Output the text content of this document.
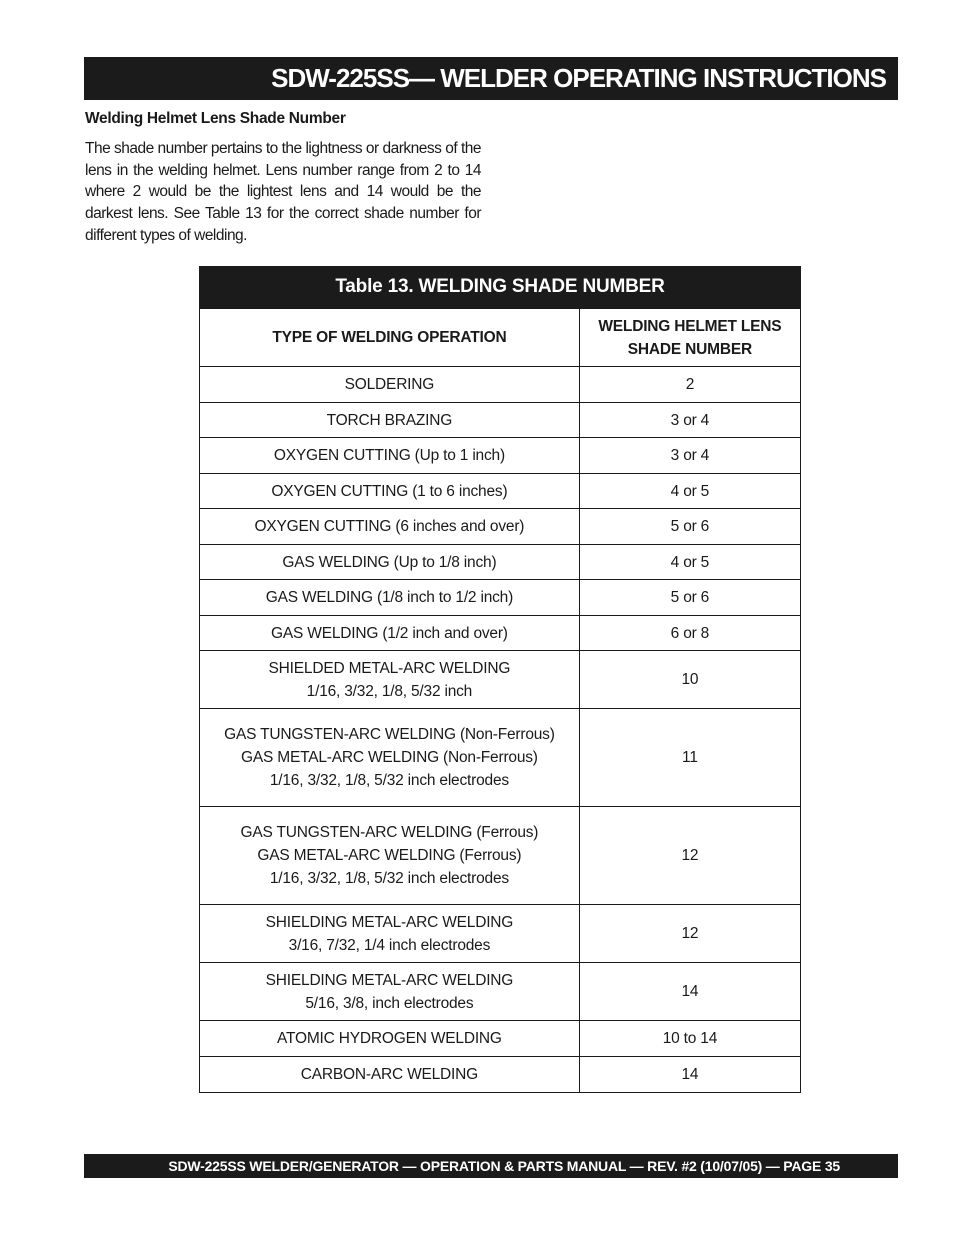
SDW-225SS— WELDER OPERATING INSTRUCTIONS
Welding Helmet Lens Shade Number
The shade number pertains to the lightness or darkness of the lens in the welding helmet. Lens number range from 2 to 14 where 2 would be the lightest lens and 14 would be the darkest lens. See Table 13 for the correct shade number for different types of welding.
Table 13. WELDING SHADE NUMBER
TYPE OF WELDING OPERATION	WELDING HELMET LENS
SHADE NUMBER

SOLDERING	2

TORCH BRAZING	3 or 4

OXYGEN CUTTING (Up to 1 inch)	3 or 4

OXYGEN CUTTING (1 to 6 inches)	4 or 5

OXYGEN CUTTING (6 inches and over)	5 or 6

GAS WELDING (Up to 1/8 inch)	4 or 5

GAS WELDING (1/8 inch to 1/2 inch)	5 or 6

GAS WELDING (1/2 inch and over)	6 or 8

SHIELDED METAL-ARC WELDING
1/16, 3/32, 1/8, 5/32 inch	10

GAS TUNGSTEN-ARC WELDING (Non-Ferrous)
GAS METAL-ARC WELDING (Non-Ferrous)
1/16, 3/32, 1/8, 5/32 inch electrodes	11

GAS TUNGSTEN-ARC WELDING (Ferrous)
GAS METAL-ARC WELDING (Ferrous)
1/16, 3/32, 1/8, 5/32 inch electrodes	12

SHIELDING METAL-ARC WELDING
3/16, 7/32, 1/4 inch electrodes	12

SHIELDING METAL-ARC WELDING
5/16, 3/8, inch electrodes	14

ATOMIC HYDROGEN WELDING	10 to 14

CARBON-ARC WELDING	14
SDW-225SS WELDER/GENERATOR — OPERATION & PARTS MANUAL — REV. #2 (10/07/05) — PAGE 35
